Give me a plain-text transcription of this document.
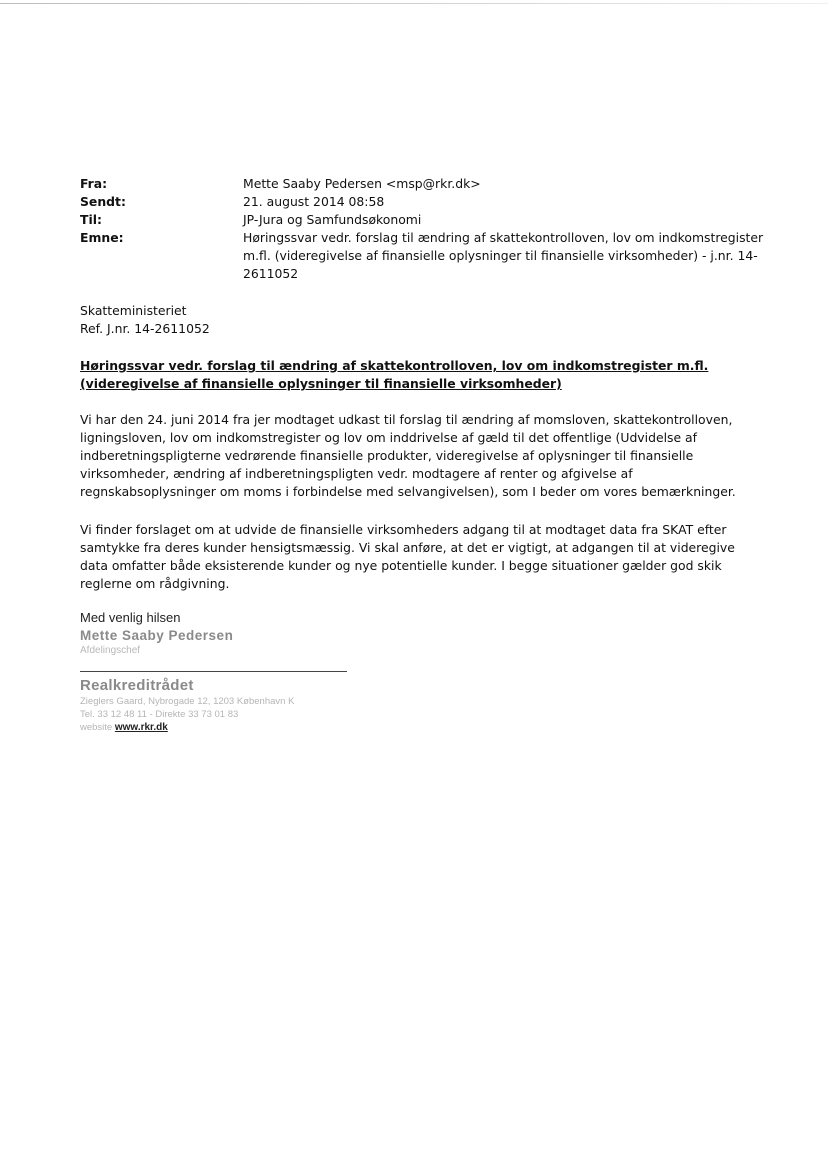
Fra:	Mette Saaby Pedersen <msp@rkr.dk>
Sendt:	21. august 2014 08:58
Til:	JP-Jura og Samfundsøkonomi
Emne:	Høringssvar vedr. forslag til ændring af skattekontrolloven, lov om indkomstregister m.fl. (videregivelse af finansielle oplysninger til finansielle virksomheder) - j.nr. 14-2611052

Skatteministeriet

Ref. J.nr. 14-2611052

Høringssvar vedr. forslag til ændring af skattekontrolloven, lov om indkomstregister m.fl. (videregivelse af finansielle oplysninger til finansielle virksomheder)
Vi har den 24. juni 2014 fra jer modtaget udkast til forslag til ændring af momsloven, skattekontrolloven, ligningsloven, lov om indkomstregister og lov om inddrivelse af gæld til det offentlige (Udvidelse af indberetningspligterne vedrørende finansielle produkter, videregivelse af oplysninger til finansielle virksomheder, ændring af indberetningspligten vedr. modtagere af renter og afgivelse af regnskabsoplysninger om moms i forbindelse med selvangivelsen), som I beder om vores bemærkninger.
Vi finder forslaget om at udvide de finansielle virksomheders adgang til at modtaget data fra SKAT efter samtykke fra deres kunder hensigtsmæssig. Vi skal anføre, at det er vigtigt, at adgangen til at videregive data omfatter både eksisterende kunder og nye potentielle kunder. I begge situationer gælder god skik reglerne om rådgivning.
Med venlig hilsen
Mette Saaby Pedersen
Afdelingschef
Realkreditrådet
Zieglers Gaard, Nybrogade 12, 1203 København K
Tel. 33 12 48 11 - Direkte 33 73 01 83
website www.rkr.dk
